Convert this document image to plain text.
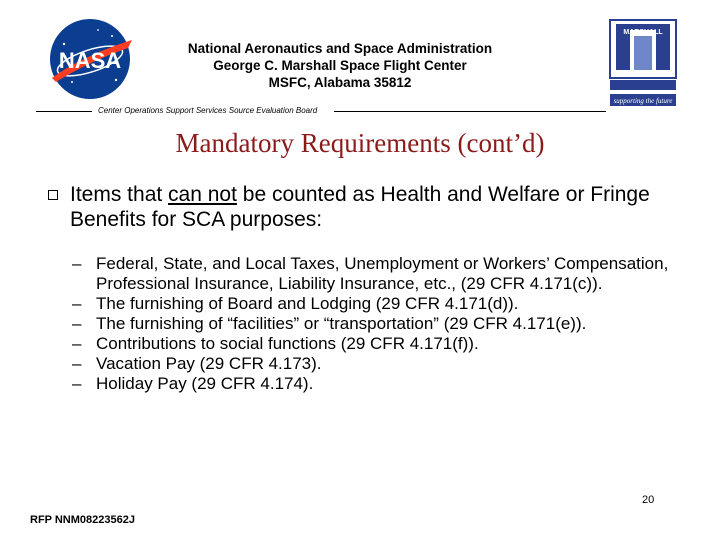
NASA
MARSHALL
supporting the future
National Aeronautics and Space Administration
George C. Marshall Space Flight Center
MSFC, Alabama 35812
Center Operations Support Services Source Evaluation Board
Mandatory Requirements (cont’d)
Items that can not be counted as Health and Welfare or Fringe Benefits for SCA purposes:
– Federal, State, and Local Taxes, Unemployment or Workers’ Compensation, Professional Insurance, Liability Insurance, etc., (29 CFR 4.171(c)).
– The furnishing of Board and Lodging (29 CFR 4.171(d)).
– The furnishing of “facilities” or “transportation” (29 CFR 4.171(e)).
– Contributions to social functions (29 CFR 4.171(f)).
– Vacation Pay (29 CFR 4.173).
– Holiday Pay (29 CFR 4.174).
20
RFP NNM08223562J
